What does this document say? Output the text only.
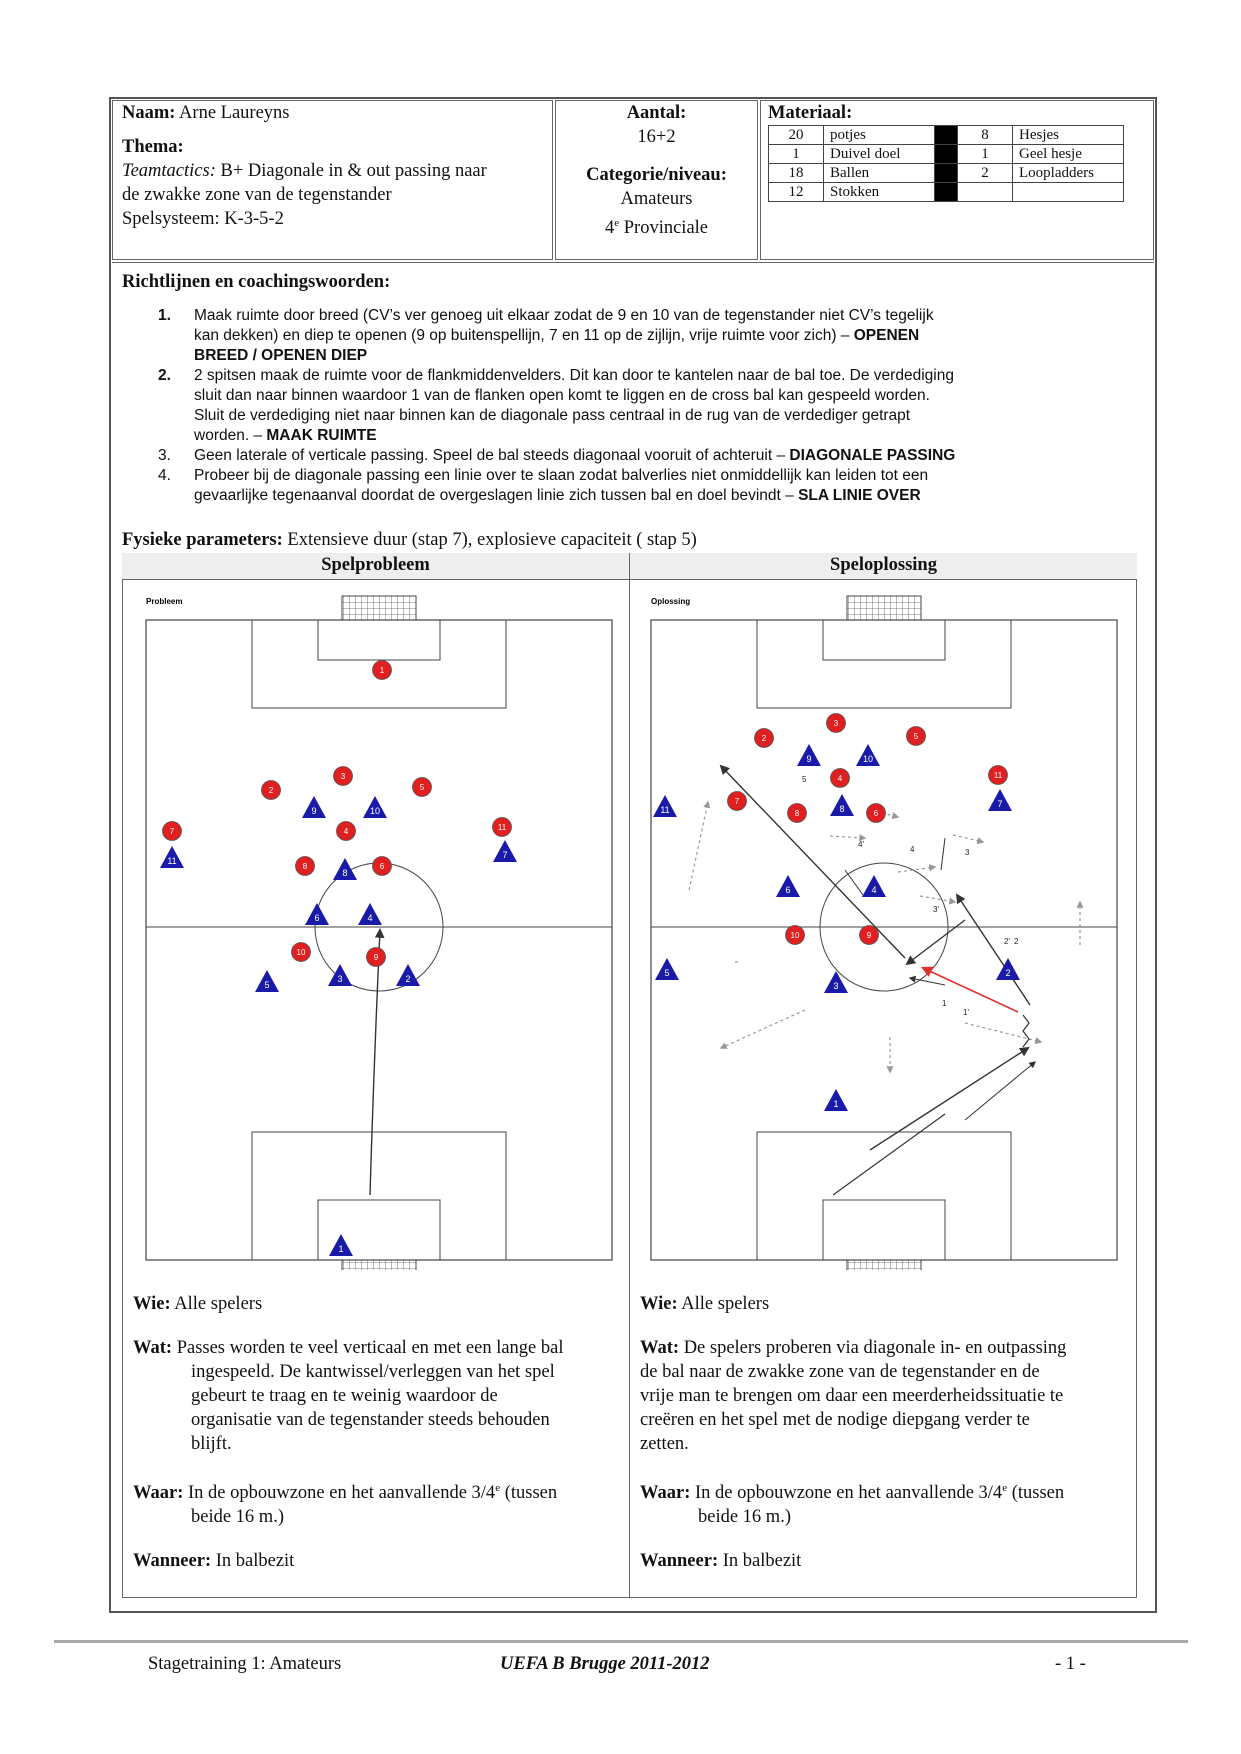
Naam: Arne Laureyns
Thema:
Teamtactics: B+ Diagonale in & out passing naar
de zwakke zone van de tegenstander
Spelsysteem: K-3-5-2
Aantal:
16+2
Categorie/niveau:
Amateurs
4e Provinciale
Materiaal:
20	potjes		8	Hesjes
1	Duivel doel		1	Geel hesje
18	Ballen		2	Loopladders
12	Stokken			
Richtlijnen en coachingswoorden:
1. Maak ruimte door breed (CV’s ver genoeg uit elkaar zodat de 9 en 10 van de tegenstander niet CV’s tegelijk
kan dekken) en diep te openen (9 op buitenspellijn, 7 en 11 op de zijlijn, vrije ruimte voor zich) – OPENEN
BREED / OPENEN DIEP
2. 2 spitsen maak de ruimte voor de flankmiddenvelders. Dit kan door te kantelen naar de bal toe. De verdediging
sluit dan naar binnen waardoor 1 van de flanken open komt te liggen en de cross bal kan gespeeld worden.
Sluit de verdediging niet naar binnen kan de diagonale pass centraal in de rug van de verdediger getrapt
worden. – MAAK RUIMTE
3. Geen laterale of verticale passing. Speel de bal steeds diagonaal vooruit of achteruit – DIAGONALE PASSING
4. Probeer bij de diagonale passing een linie over te slaan zodat balverlies niet onmiddellijk kan leiden tot een
gevaarlijke tegenaanval doordat de overgeslagen linie zich tussen bal en doel bevindt – SLA LINIE OVER
Fysieke parameters: Extensieve duur (stap 7), explosieve capaciteit ( stap 5)
Spelprobleem	Speloplossing
Probleem
1
2
3
5
7	11
4
8	6
10
9
9	10
11
7
8
6	4
5
3	2
1
Oplossing
5
4'
4	3
3'
2' 2
1
1'
2
3
5
4	11
7
8	6
10	9
9	10
11	8	7
6	4
5
3
2
1
Wie: Alle spelers
Wat: Passes worden te veel verticaal en met een lange bal
ingespeeld. De kantwissel/verleggen van het spel
gebeurt te traag en te weinig waardoor de
organisatie van de tegenstander steeds behouden
blijft.
Waar: In de opbouwzone en het aanvallende 3/4e (tussen
beide 16 m.)
Wanneer: In balbezit
Wie: Alle spelers
Wat: De spelers proberen via diagonale in- en outpassing
de bal naar de zwakke zone van de tegenstander en de
vrije man te brengen om daar een meerderheidssituatie te
creëren en het spel met de nodige diepgang verder te
zetten.
Waar: In de opbouwzone en het aanvallende 3/4e (tussen
beide 16 m.)
Wanneer: In balbezit
Stagetraining 1: Amateurs	UEFA B Brugge 2011-2012	- 1 -
